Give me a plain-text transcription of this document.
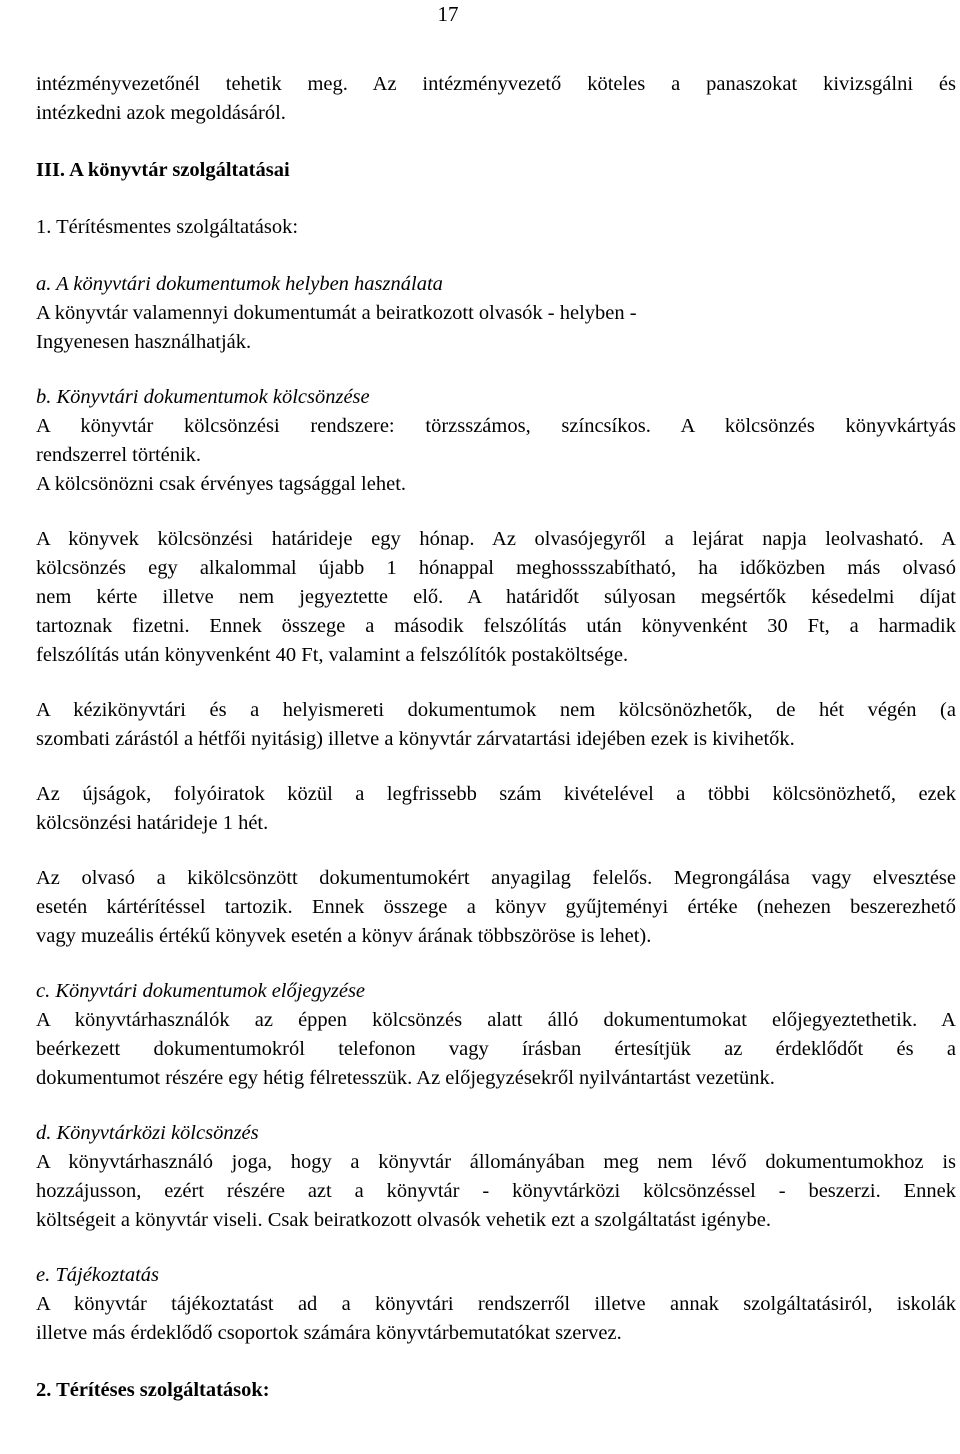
17

intézményvezetőnél tehetik meg. Az intézményvezető köteles a panaszokat kivizsgálni és
intézkedni azok megoldásáról.

III. A könyvtár szolgáltatásai

1. Térítésmentes szolgáltatások:

a. A könyvtári dokumentumok helyben használata
A könyvtár valamennyi dokumentumát a beiratkozott olvasók - helyben -
Ingyenesen használhatják.

b. Könyvtári dokumentumok kölcsönzése
A könyvtár kölcsönzési rendszere: törzsszámos, színcsíkos. A kölcsönzés könyvkártyás
rendszerrel történik.
A kölcsönözni csak érvényes tagsággal lehet.

A könyvek kölcsönzési határideje egy hónap. Az olvasójegyről a lejárat napja leolvasható. A
kölcsönzés egy alkalommal újabb 1 hónappal meghossszabítható, ha időközben más olvasó
nem kérte illetve nem jegyeztette elő. A határidőt súlyosan megsértők késedelmi díjat
tartoznak fizetni. Ennek összege a második felszólítás után könyvenként 30 Ft, a harmadik
felszólítás után könyvenként 40 Ft, valamint a felszólítók postaköltsége.

A kézikönyvtári és a helyismereti dokumentumok nem kölcsönözhetők, de hét végén (a
szombati zárástól a hétfői nyitásig) illetve a könyvtár zárvatartási idejében ezek is kivihetők.

Az újságok, folyóiratok közül a legfrissebb szám kivételével a többi kölcsönözhető, ezek
kölcsönzési határideje 1 hét.

Az olvasó a kikölcsönzött dokumentumokért anyagilag felelős. Megrongálása vagy elvesztése
esetén kártérítéssel tartozik. Ennek összege a könyv gyűjteményi értéke (nehezen beszerezhető
vagy muzeális értékű könyvek esetén a könyv árának többszöröse is lehet).

c. Könyvtári dokumentumok előjegyzése
A könyvtárhasználók az éppen kölcsönzés alatt álló dokumentumokat előjegyeztethetik. A
beérkezett dokumentumokról telefonon vagy írásban értesítjük az érdeklődőt és a
dokumentumot részére egy hétig félretesszük. Az előjegyzésekről nyilvántartást vezetünk.

d. Könyvtárközi kölcsönzés
A könyvtárhasználó joga, hogy a könyvtár állományában meg nem lévő dokumentumokhoz is
hozzájusson, ezért részére azt a könyvtár - könyvtárközi kölcsönzéssel - beszerzi. Ennek
költségeit a könyvtár viseli. Csak beiratkozott olvasók vehetik ezt a szolgáltatást igénybe.

e. Tájékoztatás
A könyvtár tájékoztatást ad a könyvtári rendszerről illetve annak szolgáltatásiról, iskolák
illetve más érdeklődő csoportok számára könyvtárbemutatókat szervez.

2. Térítéses szolgáltatások:
